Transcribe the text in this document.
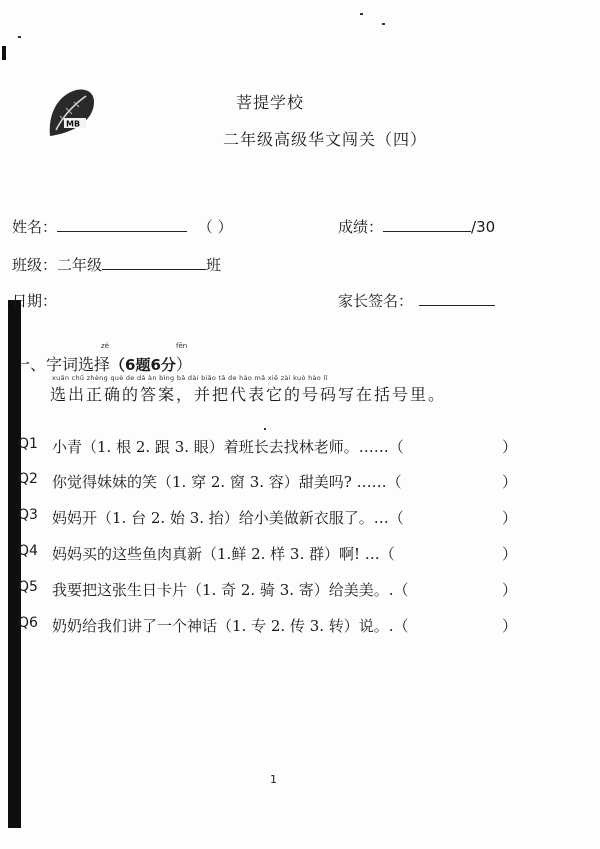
MB
菩提学校
二年级高级华文闯关（四）
姓名：	（ ）	成绩：	/30
班级：二年级	班
日期：	家长签名：
zé	fēn
一、字词选择（6题6分）
xuǎn chū zhèng què de dá àn bìng bǎ dài biǎo tā de hào mǎ xiě zài kuò hào lǐ
选出正确的答案，并把代表它的号码写在括号里。
Q1 小青（1. 根 2. 跟 3. 眼）着班长去找林老师。……（	）
Q2 你觉得妹妹的笑（1. 穿 2. 窗 3. 容）甜美吗? ……（	）
Q3 妈妈开（1. 台 2. 始 3. 抬）给小美做新衣服了。…（	）
Q4 妈妈买的这些鱼肉真新（1.鲜 2. 样 3. 群）啊! …（	）
Q5 我要把这张生日卡片（1. 奇 2. 骑 3. 寄）给美美。.（	）
Q6 奶奶给我们讲了一个神话（1. 专 2. 传 3. 转）说。.（	）
1
